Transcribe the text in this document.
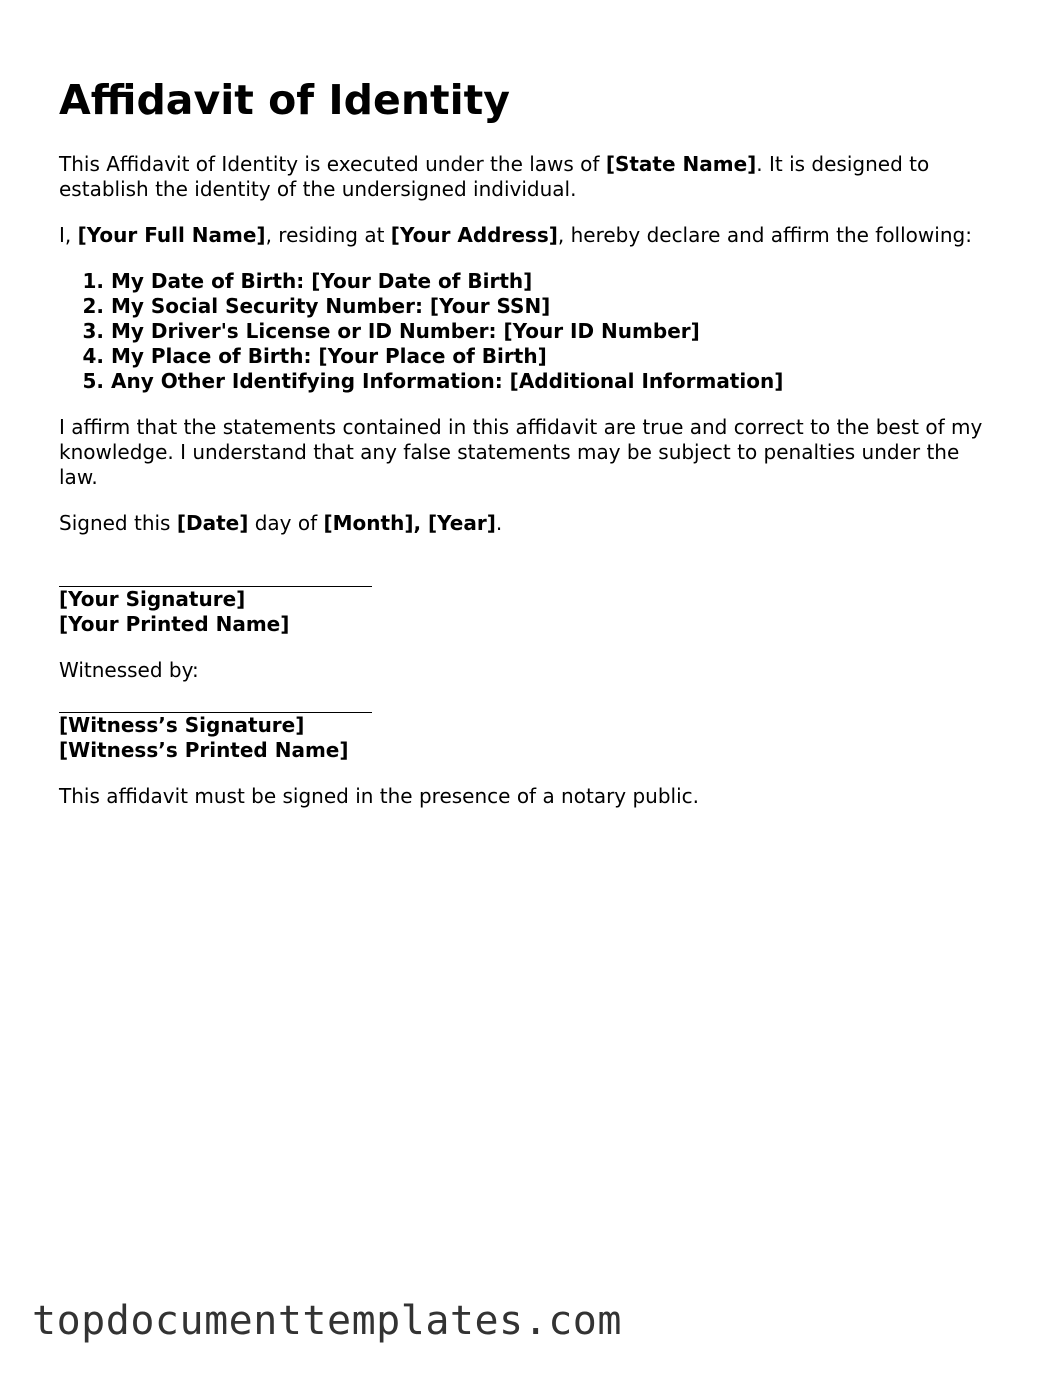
Affidavit of Identity

This Affidavit of Identity is executed under the laws of [State Name]. It is designed to establish the identity of the undersigned individual.

I, [Your Full Name], residing at [Your Address], hereby declare and affirm the following:

1. My Date of Birth: [Your Date of Birth]
2. My Social Security Number: [Your SSN]
3. My Driver's License or ID Number: [Your ID Number]
4. My Place of Birth: [Your Place of Birth]
5. Any Other Identifying Information: [Additional Information]

I affirm that the statements contained in this affidavit are true and correct to the best of my knowledge. I understand that any false statements may be subject to penalties under the law.

Signed this [Date] day of [Month], [Year].

[Your Signature]
[Your Printed Name]

Witnessed by:

[Witness’s Signature]
[Witness’s Printed Name]

This affidavit must be signed in the presence of a notary public.

topdocumenttemplates.com
